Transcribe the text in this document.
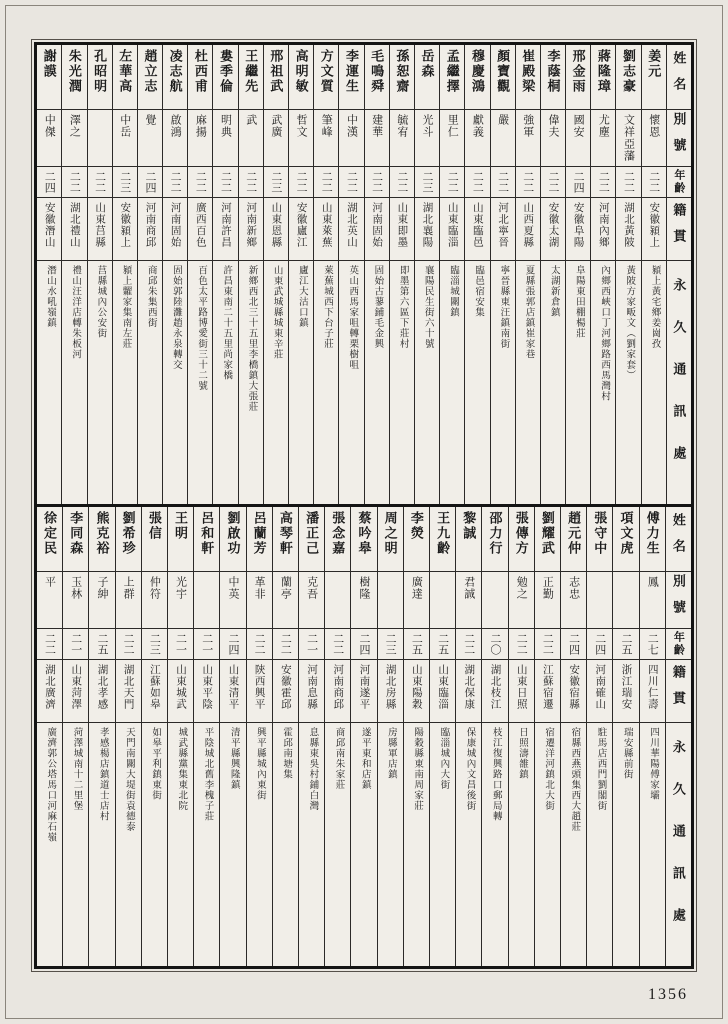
姓名
姜元
劉志豪
蔣隆璋
邢金雨
李蔭桐
崔殿梁
顏寶觀
穆慶鴻
孟繼擇
岳森
孫恕齋
毛鳴舜
李運生
方文質
高明敏
邢祖武
王繼先
婁季倫
杜西甫
凌志航
趙立志
左華高
孔昭明
朱光潤
謝謨
別號
懷恩
文祥亞藩
尤塵
國安
偉夫
強軍
嚴
獻義
里仁
光斗
毓宥
建華
中漢
筆峰
哲文
武廣
武
明典
麻揚
啟鴻
覺
中岳
澤之
中傑
年齡
二二
二二
二二
二四
二二
二二
二二
二二
二二
二三
二二
二二
二二
二二
二二
二三
二二
二二
二二
二二
二四
二三
二二
二二
二四
籍貫
安徽潁上
湖北黃陂
河南內鄉
安徽阜陽
安徽太湖
山西夏縣
河北寧晉
山東臨邑
山東臨淄
湖北襄陽
山東即墨
河南固始
湖北英山
山東萊蕪
安徽廬江
山東恩縣
河南新鄉
河南許昌
廣西百色
河南固始
河南商邱
安徽潁上
山東莒縣
湖北禮山
安徽潛山
永久通訊處
潁上黃宅鄉姜崗孜
黃陂方家畈文（劉家套）
內鄉西峽口丁河鄉路西馬灣村
阜陽東田棚楊莊
太湖新倉鎮
夏縣張郭店鎮崔家巷
寧晉縣東汪鎮南街
臨邑宿安集
臨淄城關鎮
襄陽民生街六十號
即墨第六區下莊村
固始古蓼鋪毛金興
英山西馬家咀轉栗樹咀
萊蕪城西下台子莊
廬江大沽口鎮
山東武城縣城東辛莊
新鄉西北三十五里李橋鎮大張莊
許昌東南二十五里尚家橋
百色太平路博愛街三十二號
固始郭陸灘趙永泉轉交
商邱朱集西街
潁上糶家集南左莊
莒縣城內公安街
禮山汪洋店轉朱板河
潛山水吼嶺鎮
姓名
傅力生
項文虎
張守中
趙元仲
劉耀武
張傳方
邵力行
黎誠
王九齡
李熒
周之明
蔡吟皋
張念嘉
潘正己
高琴軒
呂蘭芳
劉啟功
呂和軒
王明
張信
劉希珍
熊克裕
李同森
徐定民
別號
鳳
志忠
正勤
勉之
君誠
廣達
樹隆
克吾
蘭亭
革非
中英
光宇
仲符
上群
子紳
玉林
平
年齡
二七
二五
二四
二四
二二
二二
二〇
二二
二五
二五
二三
二四
二二
二一
二二
二二
二四
二一
二一
二三
二二
二五
二一
二二
籍貫
四川仁壽
浙江瑞安
河南確山
安徽宿縣
江蘇宿遷
山東日照
湖北枝江
湖北保康
山東臨淄
山東陽穀
湖北房縣
河南遂平
河南商邱
河南息縣
安徽霍邱
陝西興平
山東清平
山東平陰
山東城武
江蘇如皋
湖北天門
湖北孝感
山東菏澤
湖北廣濟
永久通訊處
四川華陽傅家壩
瑞安縣前街
駐馬店西門劉閣街
宿縣西燕頭集西大趙莊
宿遷洋河鎮北大街
日照濤雒鎮
枝江復興路口郵局轉
保康城內文昌後街
臨淄城內大街
陽穀縣東南周家莊
房縣軍店鎮
遂平東和店鎮
商邱南朱家莊
息縣東吳村鋪白灣
霍邱南塘集
興平縣城內東街
清平縣興隆鎮
平陰城北舊李槐子莊
城武縣黨集東北院
如皋平利鎮東街
天門南關大堤街袁德泰
孝感楊店鎮道士店村
菏澤城南十二里堡
廣濟郭公塔馬口河麻石嶺
1356
